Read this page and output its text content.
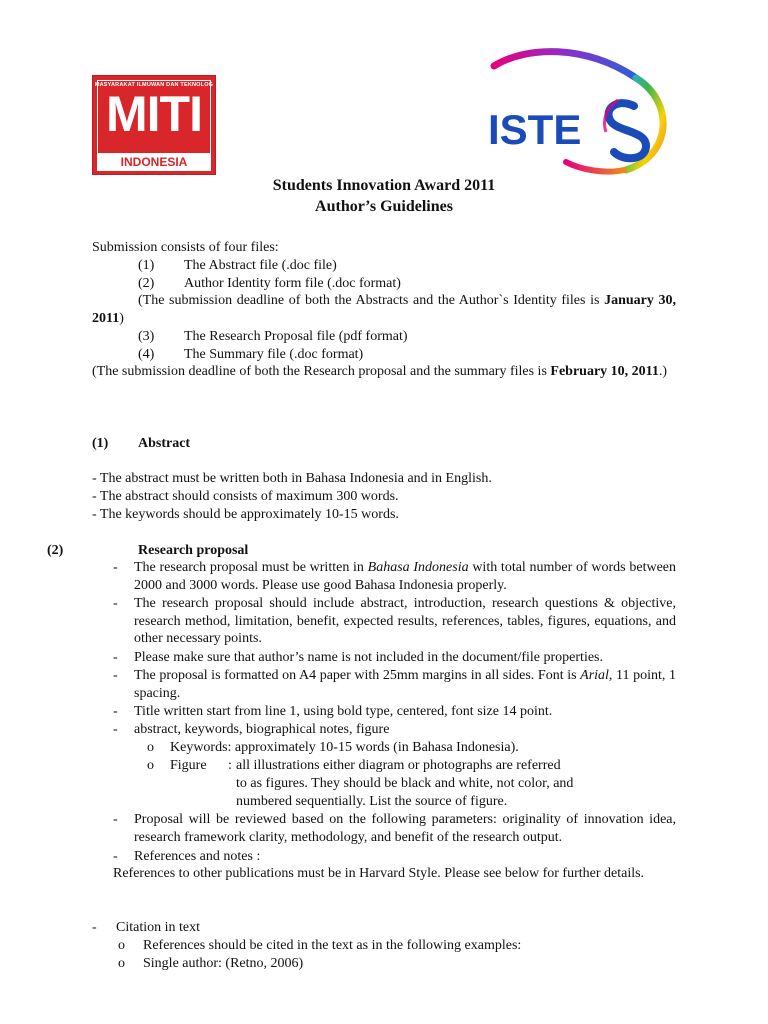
MASYARAKAT ILMUWAN DAN TEKNOLOG
MITI
INDONESIA
ISTE
Students Innovation Award 2011
Author’s Guidelines
Submission consists of four files:
(1) The Abstract file (.doc file)
(2) Author Identity form file (.doc format)
(The submission deadline of both the Abstracts and the Author`s Identity files is January 30, 2011)
(3) The Research Proposal file (pdf format)
(4) The Summary file (.doc format)
(The submission deadline of both the Research proposal and the summary files is February 10, 2011.)
(1) Abstract
- The abstract must be written both in Bahasa Indonesia and in English.
- The abstract should consists of maximum 300 words.
- The keywords should be approximately 10-15 words.
(2)	Research proposal
- The research proposal must be written in Bahasa Indonesia with total number of words between 2000 and 3000 words. Please use good Bahasa Indonesia properly.
- The research proposal should include abstract, introduction, research questions & objective, research method, limitation, benefit, expected results, references, tables, figures, equations, and other necessary points.
- Please make sure that author’s name is not included in the document/file properties.
- The proposal is formatted on A4 paper with 25mm margins in all sides. Font is Arial, 11 point, 1 spacing.
- Title written start from line 1, using bold type, centered, font size 14 point.
- abstract, keywords, biographical notes, figure
o Keywords: approximately 10-15 words (in Bahasa Indonesia).
o Figure : all illustrations either diagram or photographs are referred
to as figures. They should be black and white, not color, and
numbered sequentially. List the source of figure.
- Proposal will be reviewed based on the following parameters: originality of innovation idea, research framework clarity, methodology, and benefit of the research output.
- References and notes :
References to other publications must be in Harvard Style. Please see below for further details.
- Citation in text
o References should be cited in the text as in the following examples:
o Single author: (Retno, 2006)
